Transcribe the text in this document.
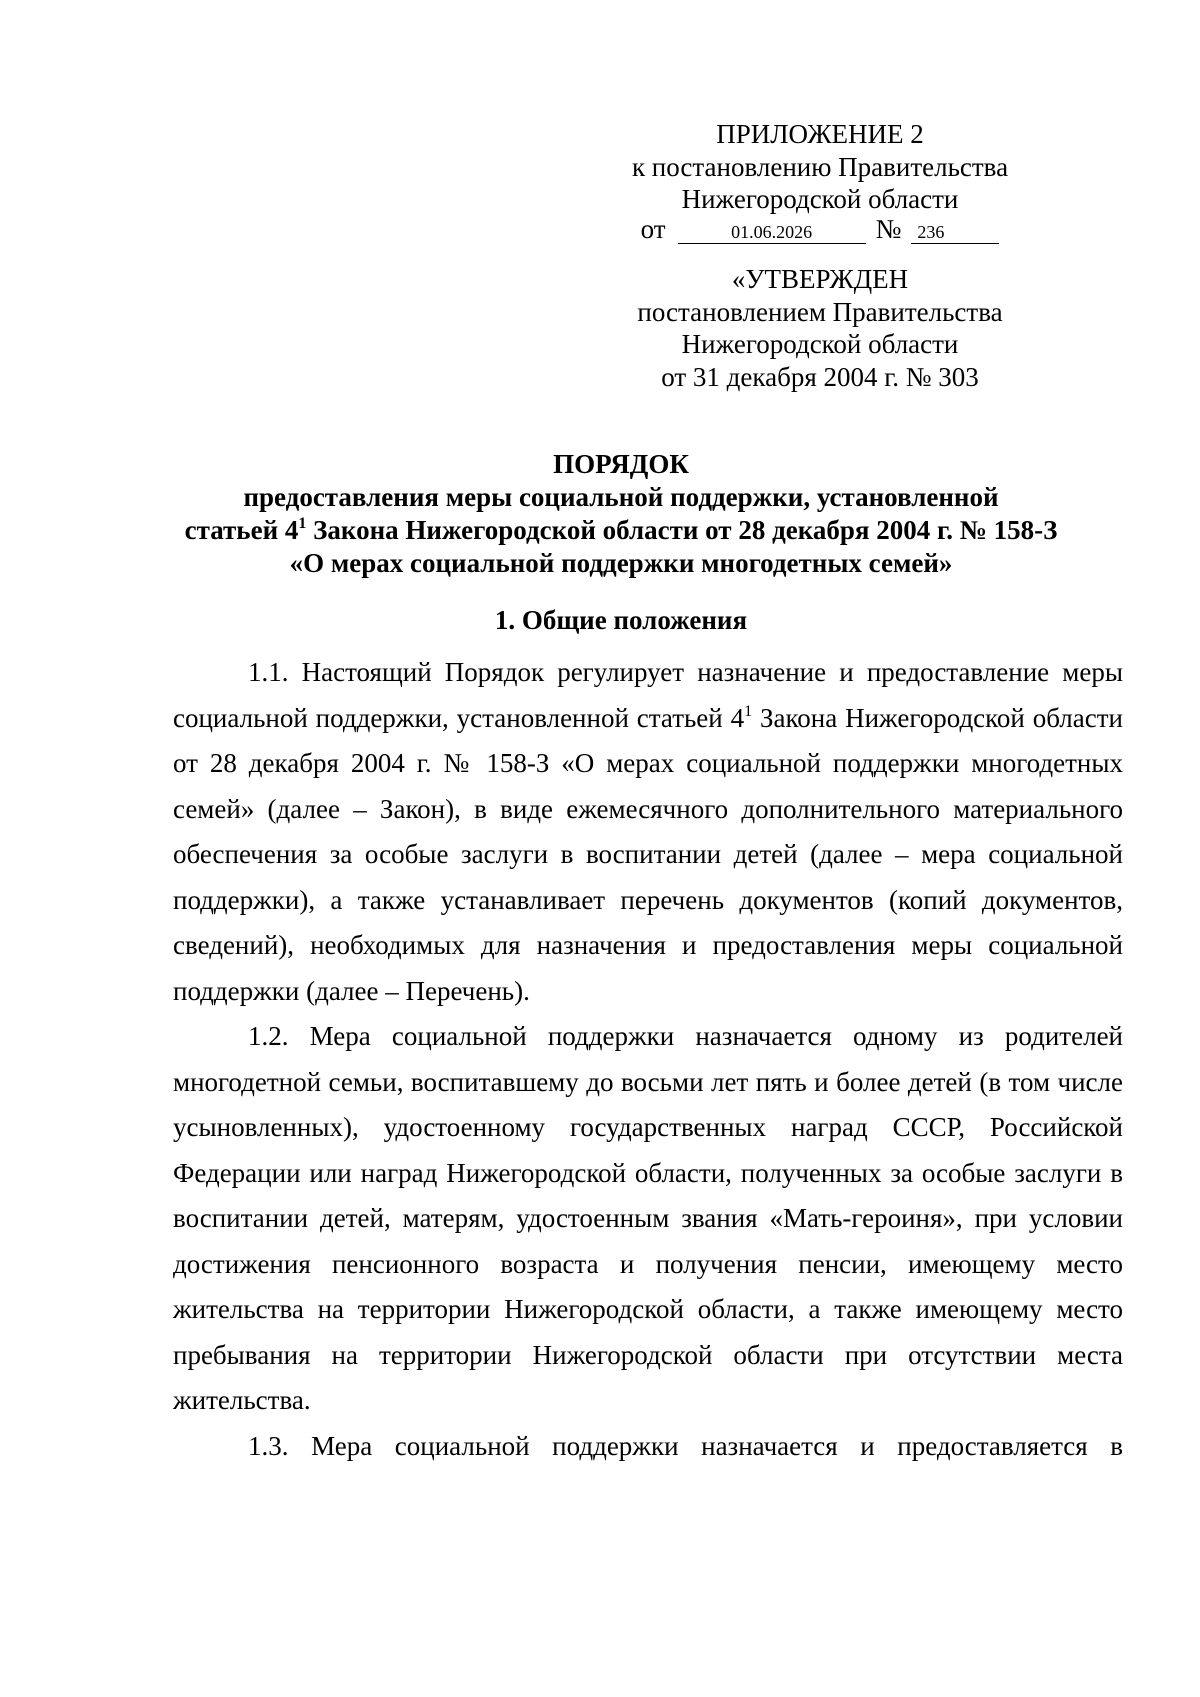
ПРИЛОЖЕНИЕ 2
к постановлению Правительства
Нижегородской области
от	01.06.2026 № 236
«УТВЕРЖДЕН
постановлением Правительства
Нижегородской области
от 31 декабря 2004 г. № 303
ПОРЯДОК
предоставления меры социальной поддержки, установленной
статьей $4^1$ Закона Нижегородской области от 28 декабря 2004 г. № 158-З
«О мерах социальной поддержки многодетных семей»
1. Общие положения

1.1. Настоящий Порядок регулирует назначение и предоставление меры социальной поддержки, установленной статьей $4^1$ Закона Нижегородской области от 28 декабря 2004 г. № 158-З «О мерах социальной поддержки многодетных семей» (далее – Закон), в виде ежемесячного дополнительного материального обеспечения за особые заслуги в воспитании детей (далее – мера социальной поддержки), а также устанавливает перечень документов (копий документов, сведений), необходимых для назначения и предоставления меры социальной поддержки (далее – Перечень).

1.2. Мера социальной поддержки назначается одному из родителей многодетной семьи, воспитавшему до восьми лет пять и более детей (в том числе усыновленных), удостоенному государственных наград СССР, Российской Федерации или наград Нижегородской области, полученных за особые заслуги в воспитании детей, матерям, удостоенным звания «Мать-героиня», при условии достижения пенсионного возраста и получения пенсии, имеющему место жительства на территории Нижегородской области, а также имеющему место пребывания на территории Нижегородской области при отсутствии места жительства.

1.3. Мера социальной поддержки назначается и предоставляется в
